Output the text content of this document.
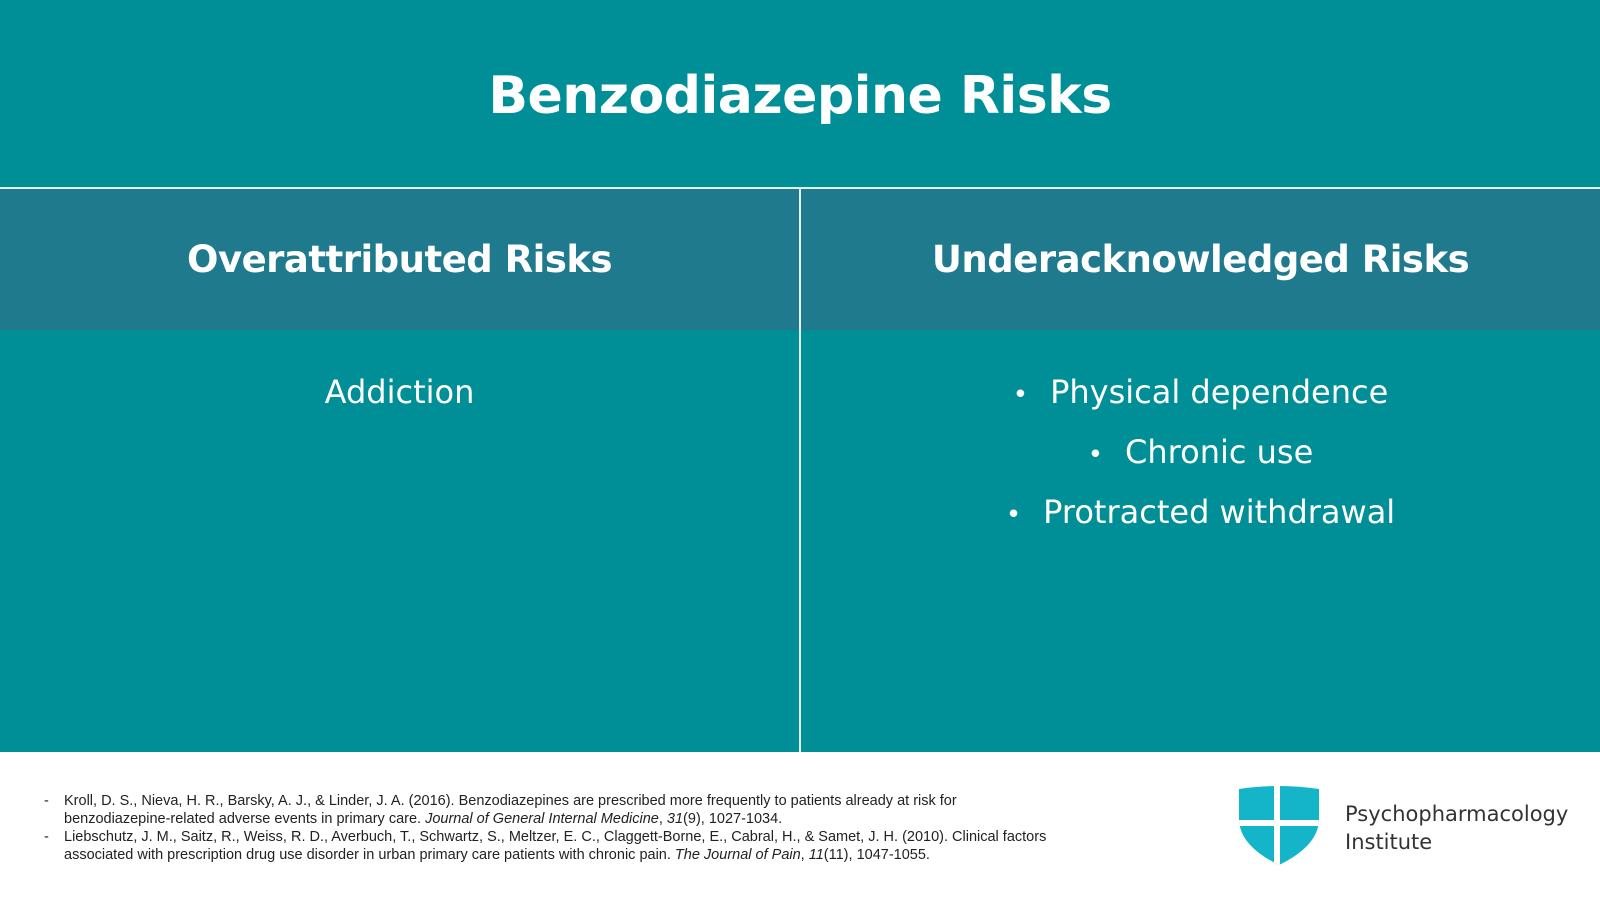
Benzodiazepine Risks
Overattributed Risks	Underacknowledged Risks
Addiction	• Physical dependence
• Chronic use
• Protracted withdrawal
- Kroll, D. S., Nieva, H. R., Barsky, A. J., & Linder, J. A. (2016). Benzodiazepines are prescribed more frequently to patients already at risk for benzodiazepine-related adverse events in primary care. Journal of General Internal Medicine, 31(9), 1027-1034.
- Liebschutz, J. M., Saitz, R., Weiss, R. D., Averbuch, T., Schwartz, S., Meltzer, E. C., Claggett-Borne, E., Cabral, H., & Samet, J. H. (2010). Clinical factors associated with prescription drug use disorder in urban primary care patients with chronic pain. The Journal of Pain, 11(11), 1047-1055.
Psychopharmacology
Institute
